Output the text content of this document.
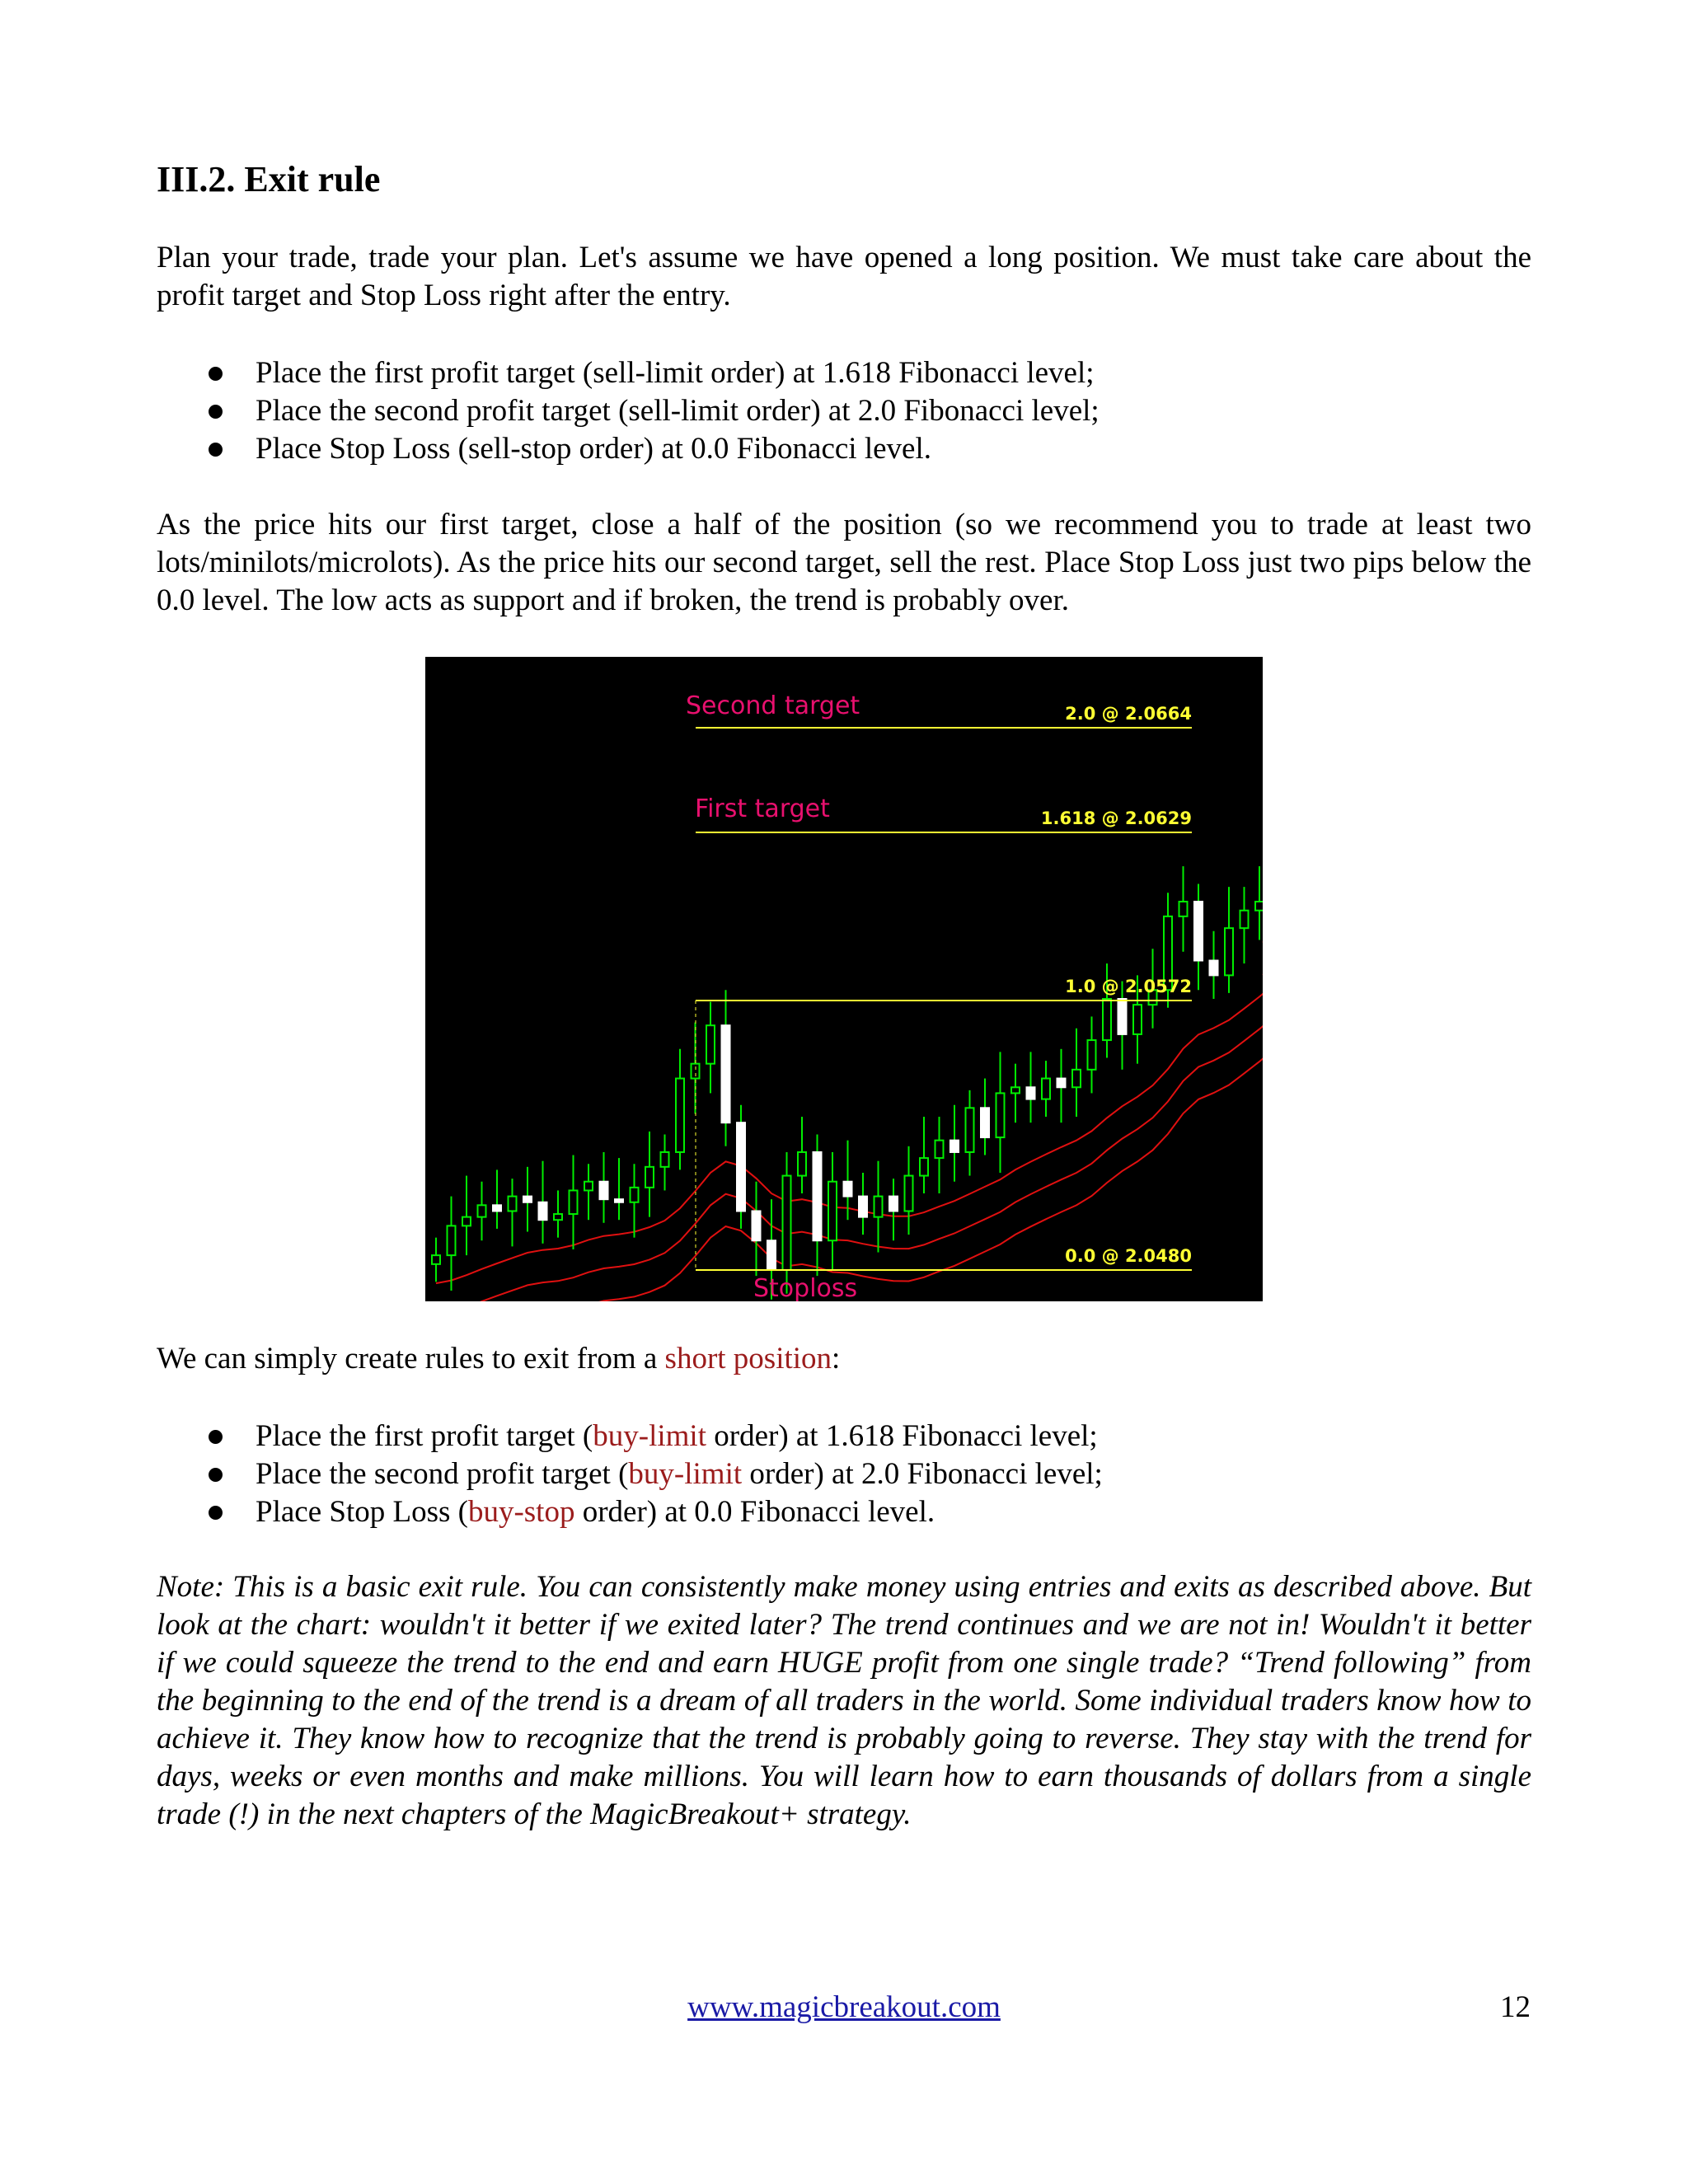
III.2. Exit rule

Plan your trade, trade your plan. Let's assume we have opened a long position. We must take care about the profit target and Stop Loss right after the entry.

Place the first profit target (sell-limit order) at 1.618 Fibonacci level;
Place the second profit target (sell-limit order) at 2.0 Fibonacci level;
Place Stop Loss (sell-stop order) at 0.0 Fibonacci level.

As the price hits our first target, close a half of the position (so we recommend you to trade at least two lots/minilots/microlots). As the price hits our second target, sell the rest. Place Stop Loss just two pips below the 0.0 level. The low acts as support and if broken, the trend is probably over.

2.0 @ 2.0664
1.618 @ 2.0629
1.0 @ 2.0572
0.0 @ 2.0480
Second target
First target
Stoploss

We can simply create rules to exit from a short position:

Place the first profit target (buy-limit order) at 1.618 Fibonacci level;
Place the second profit target (buy-limit order) at 2.0 Fibonacci level;
Place Stop Loss (buy-stop order) at 0.0 Fibonacci level.

Note: This is a basic exit rule. You can consistently make money using entries and exits as described above. But look at the chart: wouldn't it better if we exited later? The trend continues and we are not in! Wouldn't it better if we could squeeze the trend to the end and earn HUGE profit from one single trade? “Trend following” from the beginning to the end of the trend is a dream of all traders in the world. Some individual traders know how to achieve it. They know how to recognize that the trend is probably going to reverse. They stay with the trend for days, weeks or even months and make millions. You will learn how to earn thousands of dollars from a single trade (!) in the next chapters of the MagicBreakout+ strategy.

www.magicbreakout.com	12
